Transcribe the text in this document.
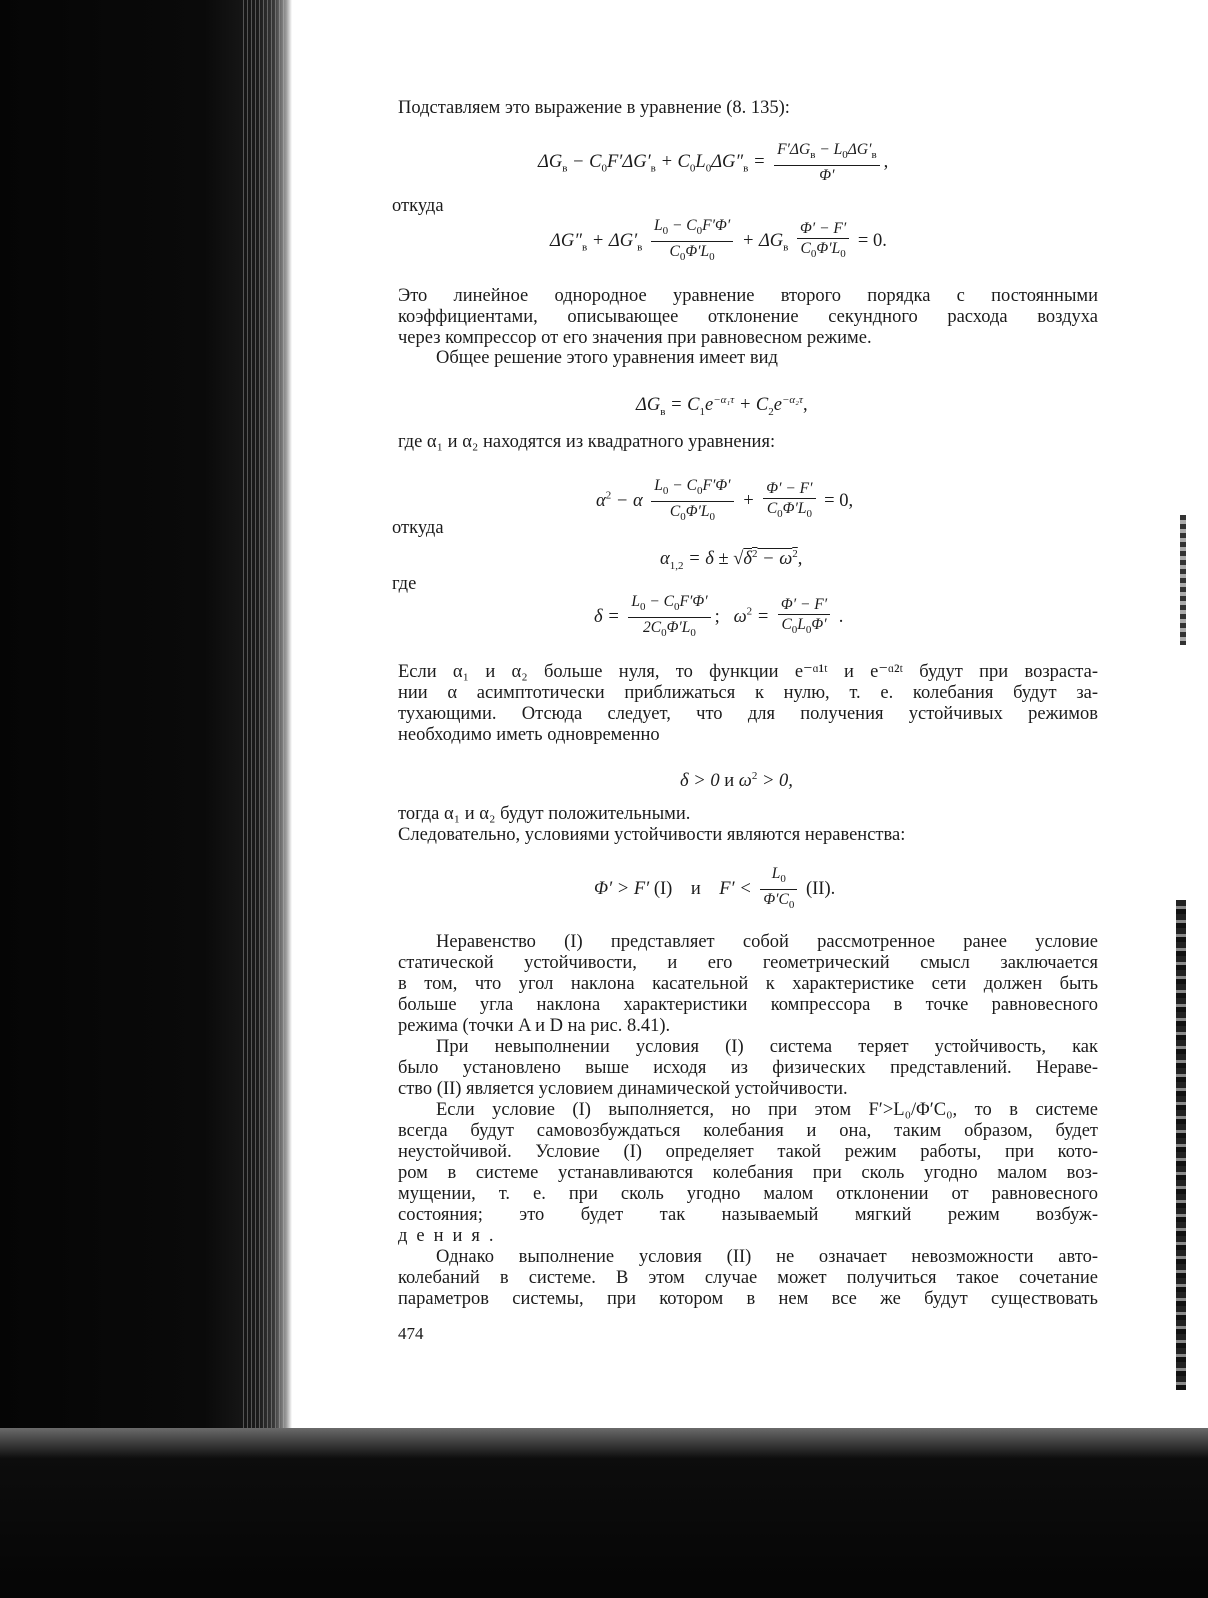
Подставляем это выражение в уравнение (8. 135):
$\Delta G_в - C_0F'\Delta G'_в + C_0L_0\Delta G''_в = \frac{F'\Delta G_в - L_0\Delta G'_в}{\Phi'}$ ,
откуда
$\Delta G''_в + \Delta G'_в \frac{L_0 - C_0F'\Phi'}{C_0\Phi'L_0} + \Delta G_в \frac{\Phi' - F'}{C_0\Phi'L_0} = 0$.
Это линейное однородное уравнение второго порядка с постоянными
коэффициентами, описывающее отклонение секундного расхода воздуха
через компрессор от его значения при равновесном режиме.
Общее решение этого уравнения имеет вид
$\Delta G_в = C_1e^{-\alpha_1\tau} + C_2e^{-\alpha_2\tau}$,
где α₁ и α₂ находятся из квадратного уравнения:
$\alpha^2 - \alpha \frac{L_0 - C_0F'\Phi'}{C_0\Phi'L_0} + \frac{\Phi' - F'}{C_0\Phi'L_0} = 0$,
откуда
$\alpha_{1,2} = \delta \pm √\delta^2 - \omega^2$,
где
$\delta = \frac{L_0 - C_0F'\Phi'}{2C_0\Phi'L_0}$ ;   $\omega^2 = \frac{\Phi' - F'}{C_0L_0\Phi'}$ .
Если α₁ и α₂ больше нуля, то функции e⁻ᵅ¹ᵗ и e⁻ᵅ²ᵗ будут при возраста-
нии α асимптотически приближаться к нулю, т. е. колебания будут за-
тухающими. Отсюда следует, что для получения устойчивых режимов
необходимо иметь одновременно
δ > 0 и $\omega^2 > 0$,
тогда α₁ и α₂ будут положительными.
Следовательно, условиями устойчивости являются неравенства:
Φ′ > F′ (I) и    $F' < \frac{L_0}{\Phi'C_0} (II)$.
Неравенство (I) представляет собой рассмотренное ранее условие
статической устойчивости, и его геометрический смысл заключается
в том, что угол наклона касательной к характеристике сети должен быть
больше угла наклона характеристики компрессора в точке равновесного
режима (точки A и D на рис. 8.41).
При невыполнении условия (I) система теряет устойчивость, как
было установлено выше исходя из физических представлений. Нераве-
ство (II) является условием динамической устойчивости.
Если условие (I) выполняется, но при этом F′>L₀/Φ′C₀, то в системе
всегда будут самовозбуждаться колебания и она, таким образом, будет
неустойчивой. Условие (I) определяет такой режим работы, при кото-
ром в системе устанавливаются колебания при сколь угодно малом воз-
мущении, т. е. при сколь угодно малом отклонении от равновесного
состояния; это будет так называемый мягкий режим возбуж-
дения.
Однако выполнение условия (II) не означает невозможности авто-
колебаний в системе. В этом случае может получиться такое сочетание
параметров системы, при котором в нем все же будут существовать
474
